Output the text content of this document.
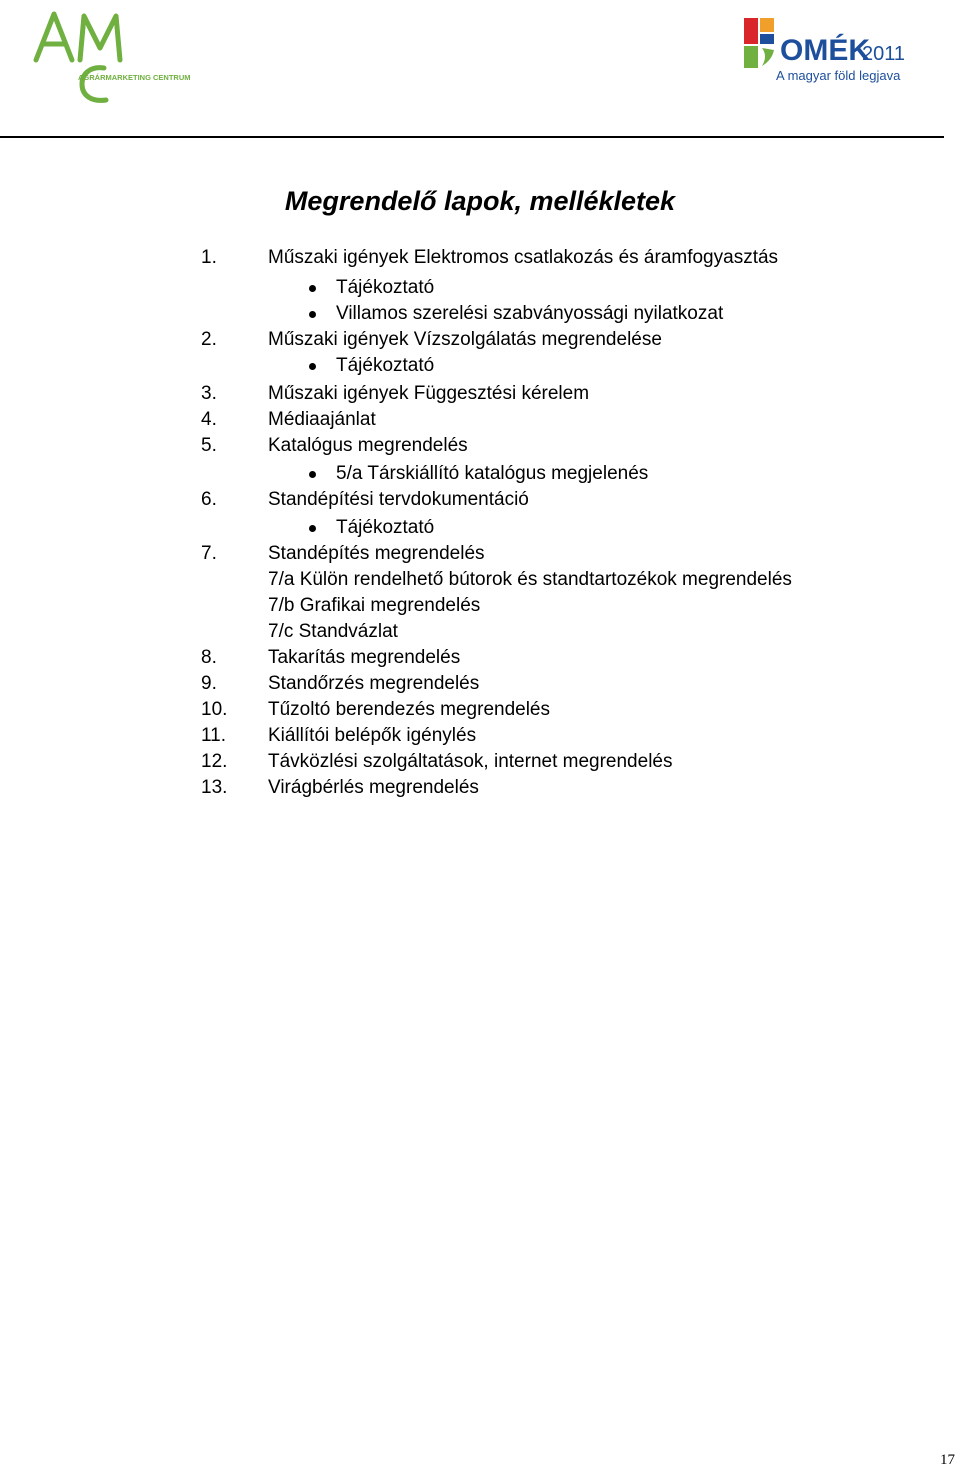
AGRÁRMARKETING CENTRUM
OMÉK
2011
A magyar föld legjava
Megrendelő lapok, mellékletek
1.	Műszaki igények Elektromos csatlakozás és áramfogyasztás
Tájékoztató
Villamos szerelési szabványossági nyilatkozat
2.	Műszaki igények Vízszolgálatás megrendelése
Tájékoztató
3.	Műszaki igények Függesztési kérelem
4.	Médiaajánlat
5.	Katalógus megrendelés
5/a Társkiállító katalógus megjelenés
6.	Standépítési tervdokumentáció
Tájékoztató
7.	Standépítés megrendelés
7/a Külön rendelhető bútorok és standtartozékok megrendelés
7/b Grafikai megrendelés
7/c Standvázlat
8.	Takarítás megrendelés
9.	Standőrzés megrendelés
10. Tűzoltó berendezés megrendelés
11. Kiállítói belépők igénylés
12. Távközlési szolgáltatások, internet megrendelés
13. Virágbérlés megrendelés
17
